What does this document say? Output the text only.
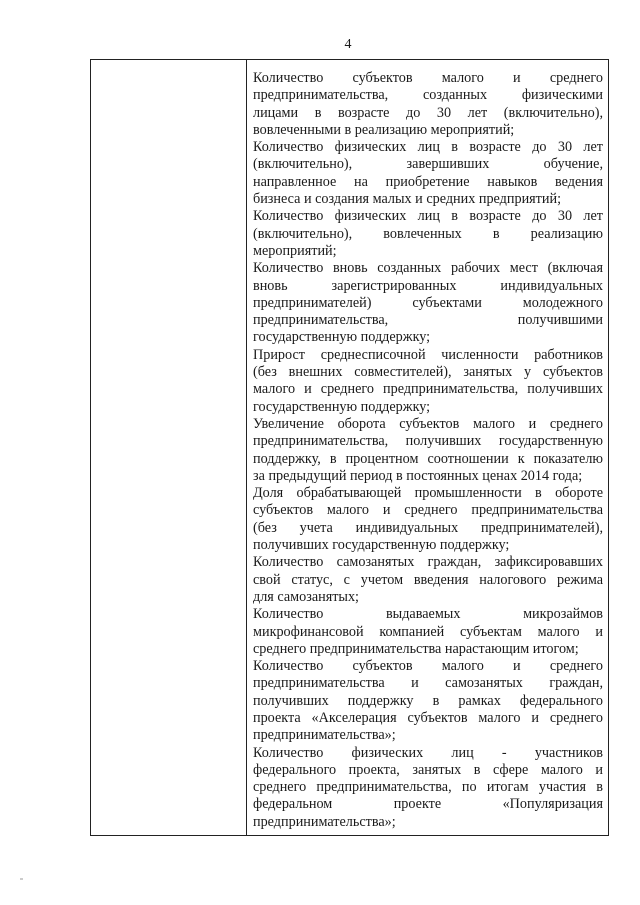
4
Количество субъектов малого и среднего
предпринимательства, созданных физическими
лицами в возрасте до 30 лет (включительно),
вовлеченными в реализацию мероприятий;
Количество физических лиц в возрасте до 30 лет
(включительно), завершивших обучение,
направленное на приобретение навыков ведения
бизнеса и создания малых и средних предприятий;
Количество физических лиц в возрасте до 30 лет
(включительно), вовлеченных в реализацию
мероприятий;
Количество вновь созданных рабочих мест (включая
вновь зарегистрированных индивидуальных
предпринимателей) субъектами молодежного
предпринимательства, получившими
государственную поддержку;
Прирост среднесписочной численности работников
(без внешних совместителей), занятых у субъектов
малого и среднего предпринимательства, получивших
государственную поддержку;
Увеличение оборота субъектов малого и среднего
предпринимательства, получивших государственную
поддержку, в процентном соотношении к показателю
за предыдущий период в постоянных ценах 2014 года;
Доля обрабатывающей промышленности в обороте
субъектов малого и среднего предпринимательства
(без учета индивидуальных предпринимателей),
получивших государственную поддержку;
Количество самозанятых граждан, зафиксировавших
свой статус, с учетом введения налогового режима
для самозанятых;
Количество выдаваемых микрозаймов
микрофинансовой компанией субъектам малого и
среднего предпринимательства нарастающим итогом;
Количество субъектов малого и среднего
предпринимательства и самозанятых граждан,
получивших поддержку в рамках федерального
проекта «Акселерация субъектов малого и среднего
предпринимательства»;
Количество физических лиц - участников
федерального проекта, занятых в сфере малого и
среднего предпринимательства, по итогам участия в
федеральном проекте «Популяризация
предпринимательства»;
